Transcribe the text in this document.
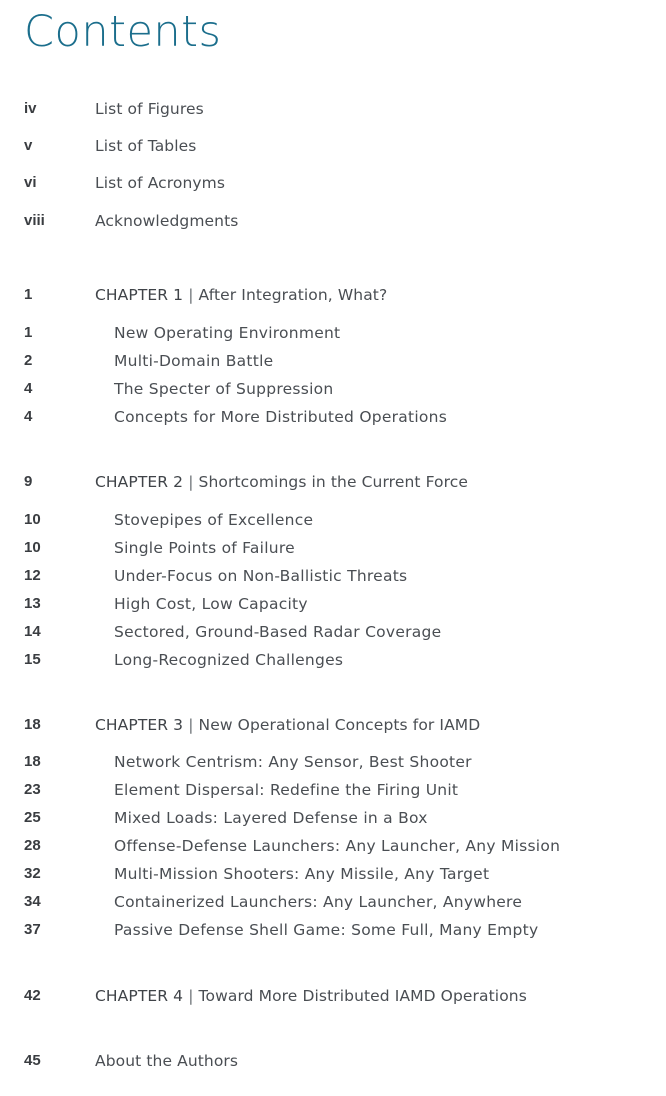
Contents
iv	List of Figures
v	List of Tables
vi	List of Acronyms
viii	Acknowledgments
1	CHAPTER 1 | After Integration, What?
1	New Operating Environment
2	Multi-Domain Battle
4	The Specter of Suppression
4	Concepts for More Distributed Operations
9	CHAPTER 2 | Shortcomings in the Current Force
10	Stovepipes of Excellence
10	Single Points of Failure
12	Under-Focus on Non-Ballistic Threats
13	High Cost, Low Capacity
14	Sectored, Ground-Based Radar Coverage
15	Long-Recognized Challenges
18	CHAPTER 3 | New Operational Concepts for IAMD
18	Network Centrism: Any Sensor, Best Shooter
23	Element Dispersal: Redefine the Firing Unit
25	Mixed Loads: Layered Defense in a Box
28	Offense-Defense Launchers: Any Launcher, Any Mission
32	Multi-Mission Shooters: Any Missile, Any Target
34	Containerized Launchers: Any Launcher, Anywhere
37	Passive Defense Shell Game: Some Full, Many Empty
42	CHAPTER 4 | Toward More Distributed IAMD Operations
45	About the Authors
